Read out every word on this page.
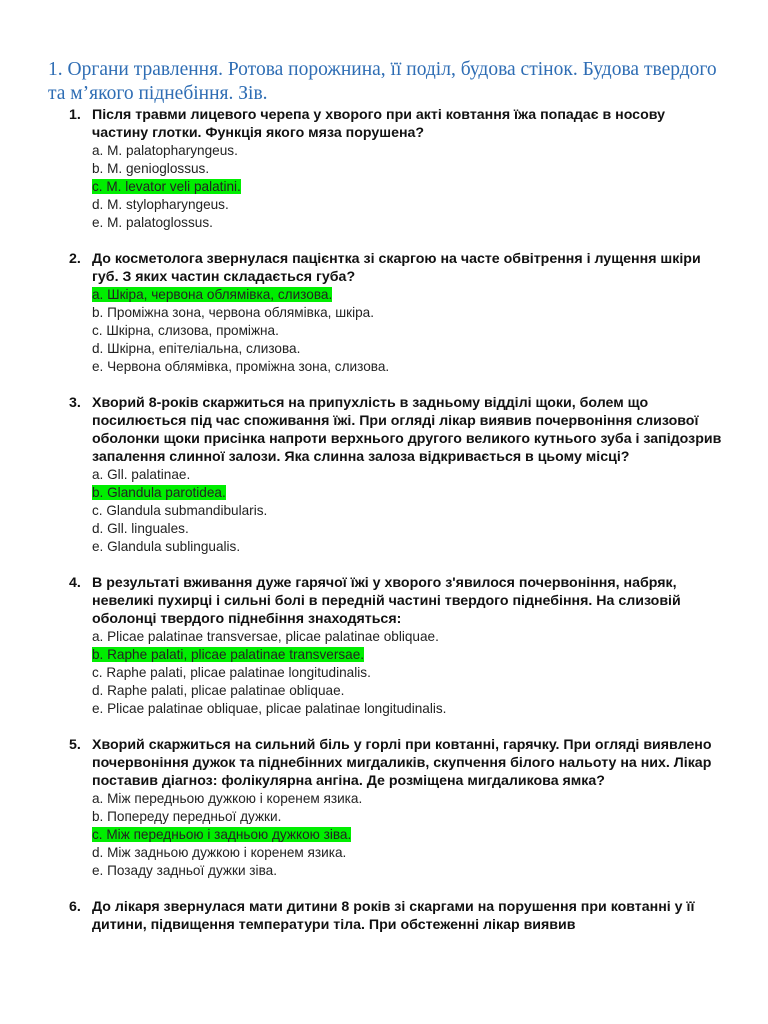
1. Органи травлення. Ротова порожнина, її поділ, будова стінок. Будова твердого та м’якого піднебіння. Зів.
1. Після травми лицевого черепа у хворого при акті ковтання їжа попадає в носову частину глотки. Функція якого мяза порушена?
a. M. palatopharyngeus.
b. M. genioglossus.
c. M. levator veli palatini.
d. M. stylopharyngeus.
e. M. palatoglossus.
2. До косметолога звернулася пацієнтка зі скаргою на часте обвітрення і лущення шкіри губ. З яких частин складається губа?
a. Шкіра, червона облямівка, слизова.
b. Проміжна зона, червона облямівка, шкіра.
c. Шкірна, слизова, проміжна.
d. Шкірна, епітеліальна, слизова.
e. Червона облямівка, проміжна зона, слизова.
3. Хворий 8-років скаржиться на припухлість в задньому відділі щоки, болем що посилюється під час споживання їжі. При огляді лікар виявив почервоніння слизової оболонки щоки присінка напроти верхнього другого великого кутнього зуба і запідозрив запалення слинної залози. Яка слинна залоза відкривається в цьому місці?
a. Gll. palatinae.
b. Glandula parotidea.
c. Glandula submandibularis.
d. Gll. linguales.
e. Glandula sublingualis.
4. В результаті вживання дуже гарячої їжі у хворого з'явилося почервоніння, набряк, невеликі пухирці і сильні болі в передній частині твердого піднебіння. На слизовій оболонці твердого піднебіння знаходяться:
a. Plicae palatinae transversae, plicae palatinae obliquae.
b. Raphe palati, plicae palatinae transversae.
c. Raphe palati, plicae palatinae longitudinalis.
d. Raphe palati, plicae palatinae obliquae.
e. Plicae palatinae obliquae, plicae palatinae longitudinalis.
5. Хворий скаржиться на сильний біль у горлі при ковтанні, гарячку. При огляді виявлено почервоніння дужок та піднебінних мигдаликів, скупчення білого нальоту на них. Лікар поставив діагноз: фолікулярна ангіна. Де розміщена мигдаликова ямка?
a. Між передньою дужкою і коренем язика.
b. Попереду передньої дужки.
c. Між передньою і задньою дужкою зіва.
d. Між задньою дужкою і коренем язика.
e. Позаду задньої дужки зіва.
6. До лікаря звернулася мати дитини 8 років зі скаргами на порушення при ковтанні у її дитини, підвищення температури тіла. При обстеженні лікар виявив
